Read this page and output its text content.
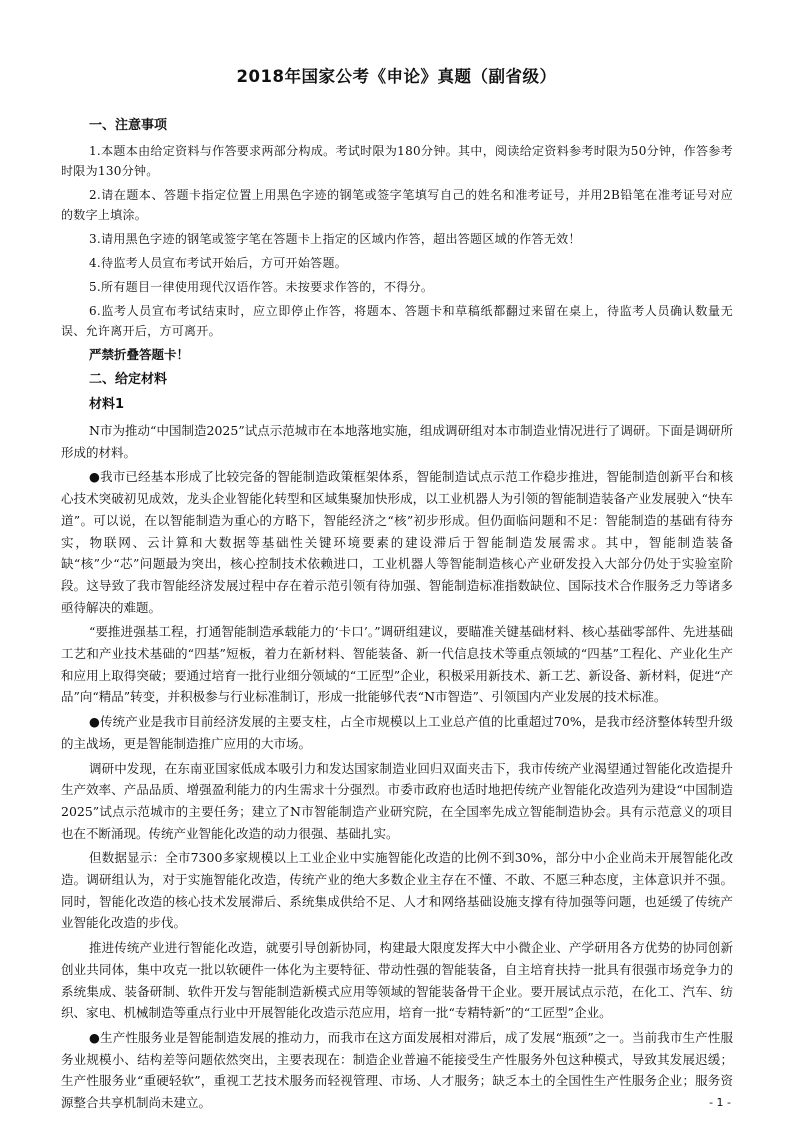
2018年国家公考《申论》真题（副省级）
一、注意事项

1.本题本由给定资料与作答要求两部分构成。考试时限为180分钟。其中，阅读给定资料参考时限为50分钟，作答参考时限为130分钟。

2.请在题本、答题卡指定位置上用黑色字迹的钢笔或签字笔填写自己的姓名和准考证号，并用2B铅笔在准考证号对应的数字上填涂。

3.请用黑色字迹的钢笔或签字笔在答题卡上指定的区域内作答，超出答题区域的作答无效！

4.待监考人员宣布考试开始后，方可开始答题。

5.所有题目一律使用现代汉语作答。未按要求作答的，不得分。

6.监考人员宣布考试结束时，应立即停止作答，将题本、答题卡和草稿纸都翻过来留在桌上，待监考人员确认数量无误、允许离开后，方可离开。

严禁折叠答题卡！
二、给定材料
材料1

N市为推动“中国制造2025”试点示范城市在本地落地实施，组成调研组对本市制造业情况进行了调研。下面是调研所形成的材料。

●我市已经基本形成了比较完备的智能制造政策框架体系，智能制造试点示范工作稳步推进，智能制造创新平台和核心技术突破初见成效，龙头企业智能化转型和区域集聚加快形成，以工业机器人为引领的智能制造装备产业发展驶入“快车道”。可以说，在以智能制造为重心的方略下，智能经济之“核”初步形成。但仍面临问题和不足：智能制造的基础有待夯实，物联网、云计算和大数据等基础性关键环境要素的建设滞后于智能制造发展需求。其中，智能制造装备缺“核”少“芯”问题最为突出，核心控制技术依赖进口，工业机器人等智能制造核心产业研发投入大部分仍处于实验室阶段。这导致了我市智能经济发展过程中存在着示范引领有待加强、智能制造标准指数缺位、国际技术合作服务乏力等诸多亟待解决的难题。

“要推进强基工程，打通智能制造承载能力的‘卡口’。”调研组建议，要瞄准关键基础材料、核心基础零部件、先进基础工艺和产业技术基础的“四基”短板，着力在新材料、智能装备、新一代信息技术等重点领域的“四基”工程化、产业化生产和应用上取得突破；要通过培育一批行业细分领域的“工匠型”企业，积极采用新技术、新工艺、新设备、新材料，促进“产品”向“精品”转变，并积极参与行业标准制订，形成一批能够代表“N市智造”、引领国内产业发展的技术标准。

●传统产业是我市目前经济发展的主要支柱，占全市规模以上工业总产值的比重超过70%，是我市经济整体转型升级的主战场，更是智能制造推广应用的大市场。

调研中发现，在东南亚国家低成本吸引力和发达国家制造业回归双面夹击下，我市传统产业渴望通过智能化改造提升生产效率、产品品质、增强盈利能力的内生需求十分强烈。市委市政府也适时地把传统产业智能化改造列为建设“中国制造2025”试点示范城市的主要任务；建立了N市智能制造产业研究院，在全国率先成立智能制造协会。具有示范意义的项目也在不断涌现。传统产业智能化改造的动力很强、基础扎实。

但数据显示：全市7300多家规模以上工业企业中实施智能化改造的比例不到30%，部分中小企业尚未开展智能化改造。调研组认为，对于实施智能化改造，传统产业的绝大多数企业主存在不懂、不敢、不愿三种态度，主体意识并不强。同时，智能化改造的核心技术发展滞后、系统集成供给不足、人才和网络基础设施支撑有待加强等问题，也延缓了传统产业智能化改造的步伐。

推进传统产业进行智能化改造，就要引导创新协同，构建最大限度发挥大中小微企业、产学研用各方优势的协同创新创业共同体，集中攻克一批以软硬件一体化为主要特征、带动性强的智能装备，自主培育扶持一批具有很强市场竞争力的系统集成、装备研制、软件开发与智能制造新模式应用等领域的智能装备骨干企业。要开展试点示范，在化工、汽车、纺织、家电、机械制造等重点行业中开展智能化改造示范应用，培育一批“专精特新”的“工匠型”企业。

●生产性服务业是智能制造发展的推动力，而我市在这方面发展相对滞后，成了发展“瓶颈”之一。当前我市生产性服务业规模小、结构差等问题依然突出，主要表现在：制造企业普遍不能接受生产性服务外包这种模式，导致其发展迟缓；生产性服务业“重硬轻软”，重视工艺技术服务而轻视管理、市场、人才服务；缺乏本土的全国性生产性服务企业；服务资源整合共享机制尚未建立。	- 1 -
